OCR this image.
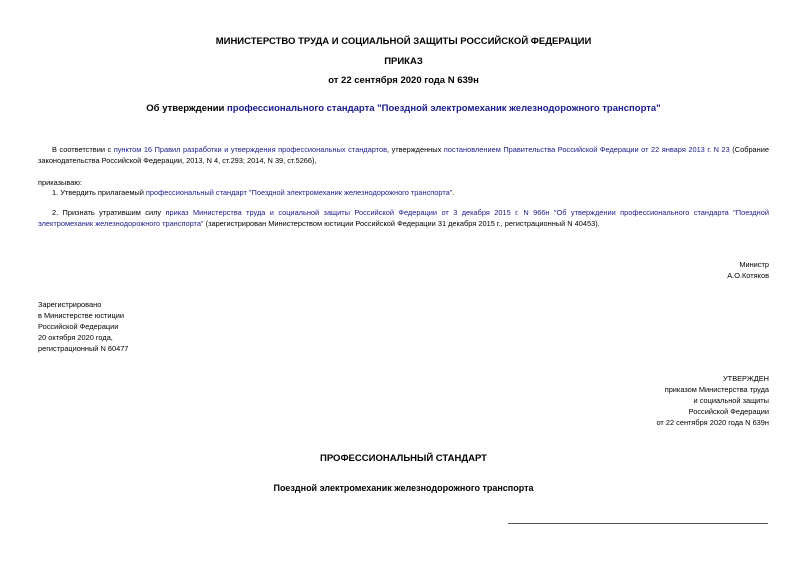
МИНИСТЕРСТВО ТРУДА И СОЦИАЛЬНОЙ ЗАЩИТЫ РОССИЙСКОЙ ФЕДЕРАЦИИ
ПРИКАЗ
от 22 сентября 2020 года N 639н
Об утверждении профессионального стандарта "Поездной электромеханик железнодорожного транспорта"
В соответствии с пунктом 16 Правил разработки и утверждения профессиональных стандартов, утвержденных постановлением Правительства Российской Федерации от 22 января 2013 г. N 23 (Собрание законодательства Российской Федерации, 2013, N 4, ст.293; 2014, N 39, ст.5266),
приказываю:
1. Утвердить прилагаемый профессиональный стандарт "Поездной электромеханик железнодорожного транспорта".
2. Признать утратившим силу приказ Министерства труда и социальной защиты Российской Федерации от 3 декабря 2015 г. N 966н "Об утверждении профессионального стандарта "Поездной электромеханик железнодорожного транспорта" (зарегистрирован Министерством юстиции Российской Федерации 31 декабря 2015 г., регистрационный N 40453).
Министр
А.О.Котяков
Зарегистрировано
в Министерстве юстиции
Российской Федерации
20 октября 2020 года,
регистрационный N 60477
УТВЕРЖДЕН
приказом Министерства труда
и социальной защиты
Российской Федерации
от 22 сентября 2020 года N 639н
ПРОФЕССИОНАЛЬНЫЙ СТАНДАРТ
Поездной электромеханик железнодорожного транспорта
